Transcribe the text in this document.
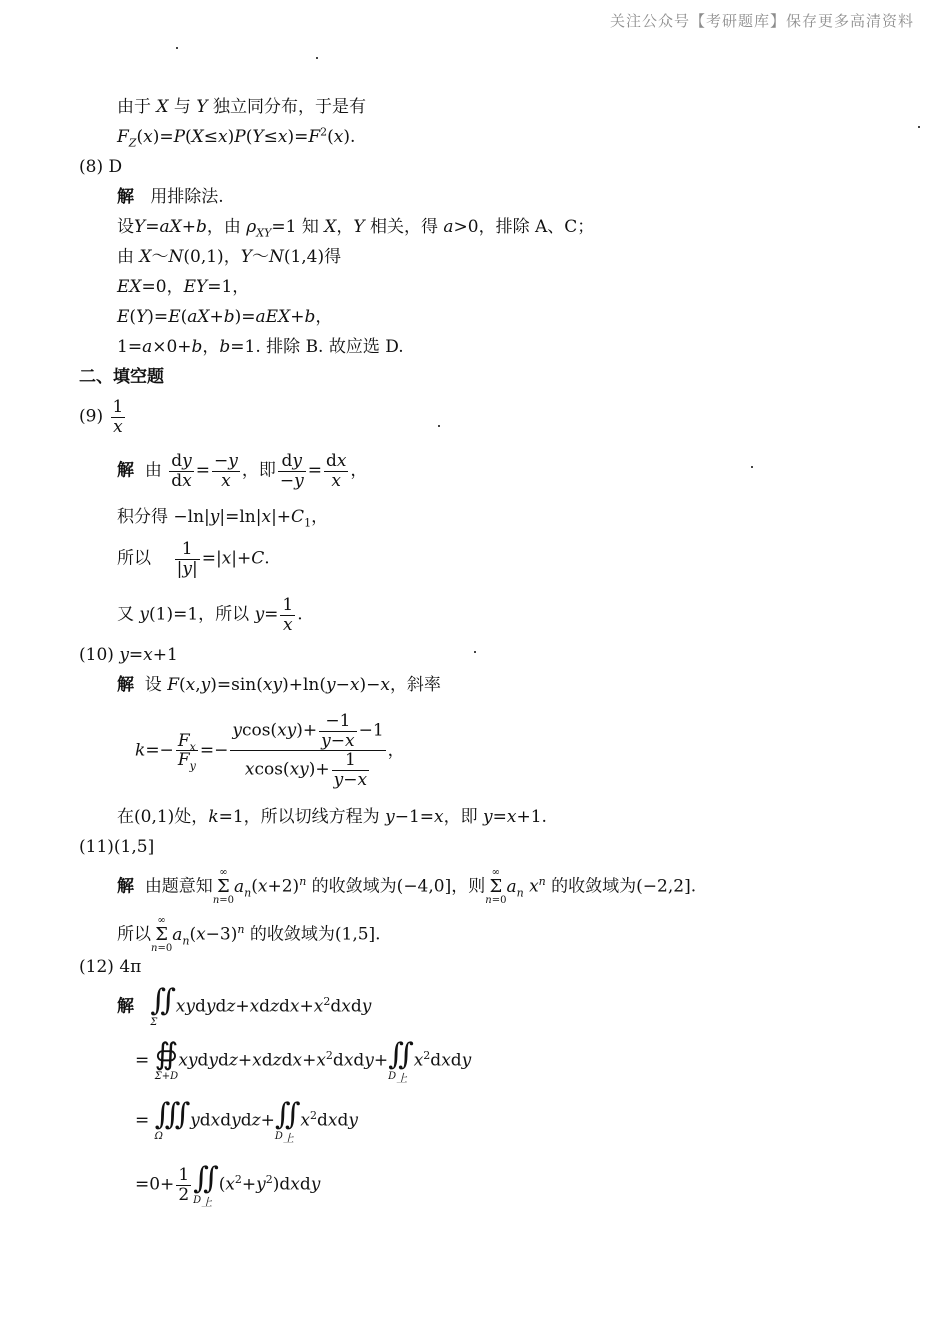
关注公众号【考研题库】保存更多高清资料
由于 X 与 Y 独立同分布，于是有
$F_Z(x)=P(X\le x)P(Y\le x)=F^2(x)$.
(8) D
解 用排除法.
设Y=aX+b，由 $\rho_{XY}=1$ 知 X，Y 相关，得 a>0，排除 A、C；
由 X～N(0,1)，Y～N(1,4)得
EX=0，EY=1，
E(Y)=E(aX+b)=aEX+b，
1=a×0+b，b=1. 排除 B. 故应选 D.
二、填空题
$(9) \frac{1}{x}$
解 由 $\frac{dy}{dx} = \frac{-y}{x}$ ，即 $\frac{dy}{-y} = \frac{dx}{x}$ ，
积分得 $-\ln|y|=\ln|x|+C_1$，
所以 $\frac{1}{|y|} =|x|+C$.
又 y(1)=1，所以 $y= \frac{1}{x}$ .
(10) y=x+1
解  设 F(x,y)=sin(xy)+ln(y−x)−x，斜率
$k=- \frac{F_x}{F_y} =- \frac{ycos(xy)+ \frac{-1}{y-x} -1}{xcos(xy)+ \frac{1}{y-x}}$ ，
在(0,1)处，k=1，所以切线方程为 y−1=x，即 y=x+1.
(11)(1,5]
解 由题意知
∞
Σ
n=0
$a_n(x+2)^n$ 的收敛域为(−4,0]，则
∞
Σ
n=0
$a_n$ $x^n$ 的收敛域为(−2,2].
所以
∞
Σ
n=0
$a_n(x-3)^n$ 的收敛域为(1,5].
(12) 4π
解 ∬
Σ
$xydydz+xdzdx+x^2dxdy$
= ∯
Σ+D
$xydydz+xdzdx+x^2dxdy+$ ∬
$D_上$
$x^2dxdy$
= ∭
Ω
ydxdydz+ ∬
$D_上$
$x^2dxdy$
$=0+ \frac{1}{2}$ ∬
$D_上$
$(x^2+y^2)dxdy$
